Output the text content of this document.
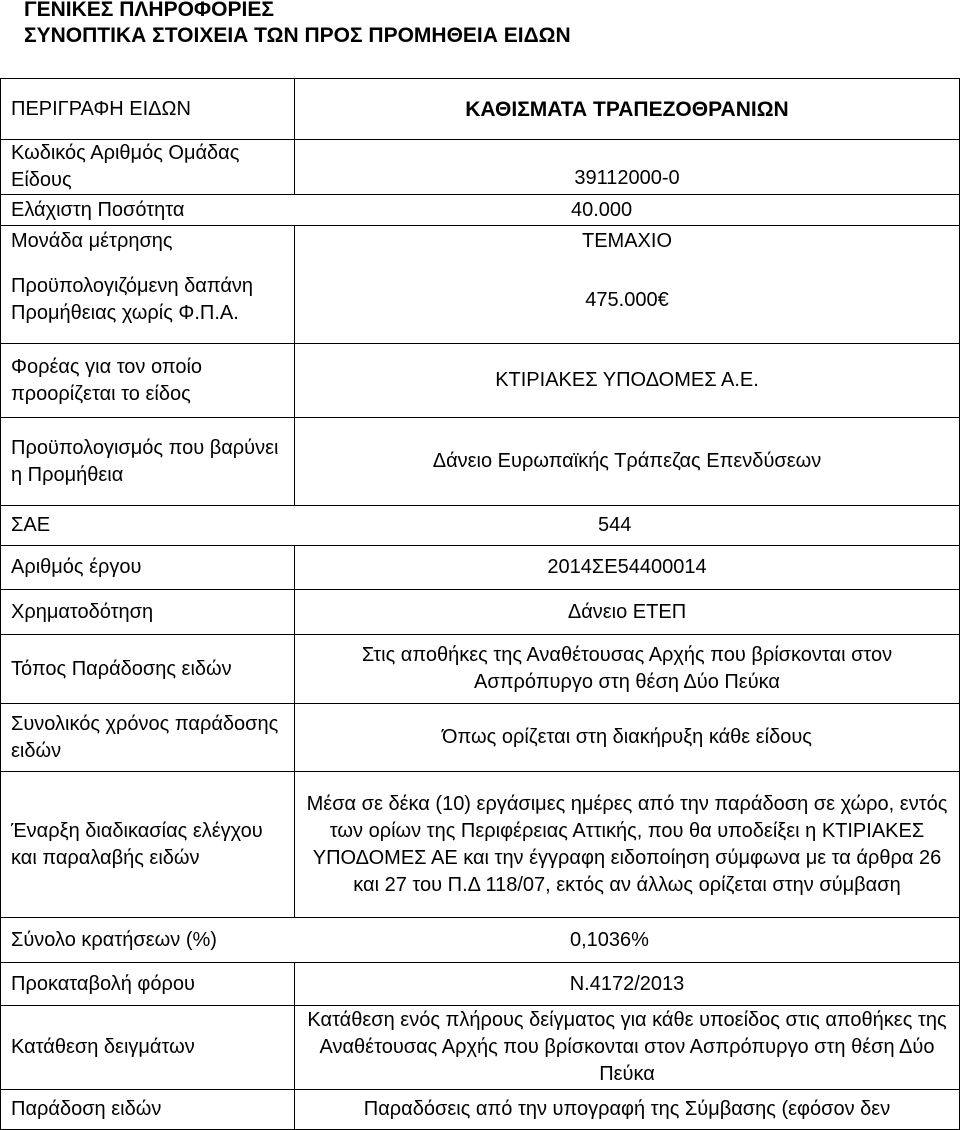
ΓΕΝΙΚΕΣ ΠΛΗΡΟΦΟΡΙΕΣ
ΣΥΝΟΠΤΙΚΑ ΣΤΟΙΧΕΙΑ ΤΩΝ ΠΡΟΣ ΠΡΟΜΗΘΕΙΑ ΕΙΔΩΝ
ΠΕΡΙΓΡΑΦΗ ΕΙΔΩΝ	ΚΑΘΙΣΜΑΤΑ ΤΡΑΠΕΖΟΘΡΑΝΙΩΝ
Κωδικός Αριθμός Ομάδας Είδους	39112000-0

Ελάχιστη Ποσότητα 40.000	

Μονάδα μέτρησης	ΤΕΜΑΧΙΟ
Προϋπολογιζόμενη δαπάνη Προμήθειας χωρίς Φ.Π.Α.	475.000€
Φορέας για τον οποίο προορίζεται το είδος	ΚΤΙΡΙΑΚΕΣ ΥΠΟΔΟΜΕΣ Α.Ε.
Προϋπολογισμός που βαρύνει η Προμήθεια	Δάνειο Ευρωπαϊκής Τράπεζας Επενδύσεων

ΣΑΕ 544	

Αριθμός έργου	2014ΣΕ54400014
Χρηματοδότηση	Δάνειο ΕΤΕΠ
Τόπος Παράδοσης ειδών	Στις αποθήκες της Αναθέτουσας Αρχής που βρίσκονται στον Ασπρόπυργο στη θέση Δύο Πεύκα
Συνολικός χρόνος παράδοσης ειδών	Όπως ορίζεται στη διακήρυξη κάθε είδους
Έναρξη διαδικασίας ελέγχου και παραλαβής ειδών	Μέσα σε δέκα (10) εργάσιμες ημέρες από την παράδοση σε χώρο, εντός των ορίων της Περιφέρειας Αττικής, που θα υποδείξει η ΚΤΙΡΙΑΚΕΣ ΥΠΟΔΟΜΕΣ ΑΕ και την έγγραφη ειδοποίηση σύμφωνα με τα άρθρα 26 και 27 του Π.Δ 118/07, εκτός αν άλλως ορίζεται στην σύμβαση

Σύνολο κρατήσεων (%) 0,1036%	

Προκαταβολή φόρου	Ν.4172/2013
Κατάθεση δειγμάτων	Κατάθεση ενός πλήρους δείγματος για κάθε υποείδος στις αποθήκες της Αναθέτουσας Αρχής που βρίσκονται στον Ασπρόπυργο στη θέση Δύο Πεύκα
Παράδοση ειδών	Παραδόσεις από την υπογραφή της Σύμβασης (εφόσον δεν
